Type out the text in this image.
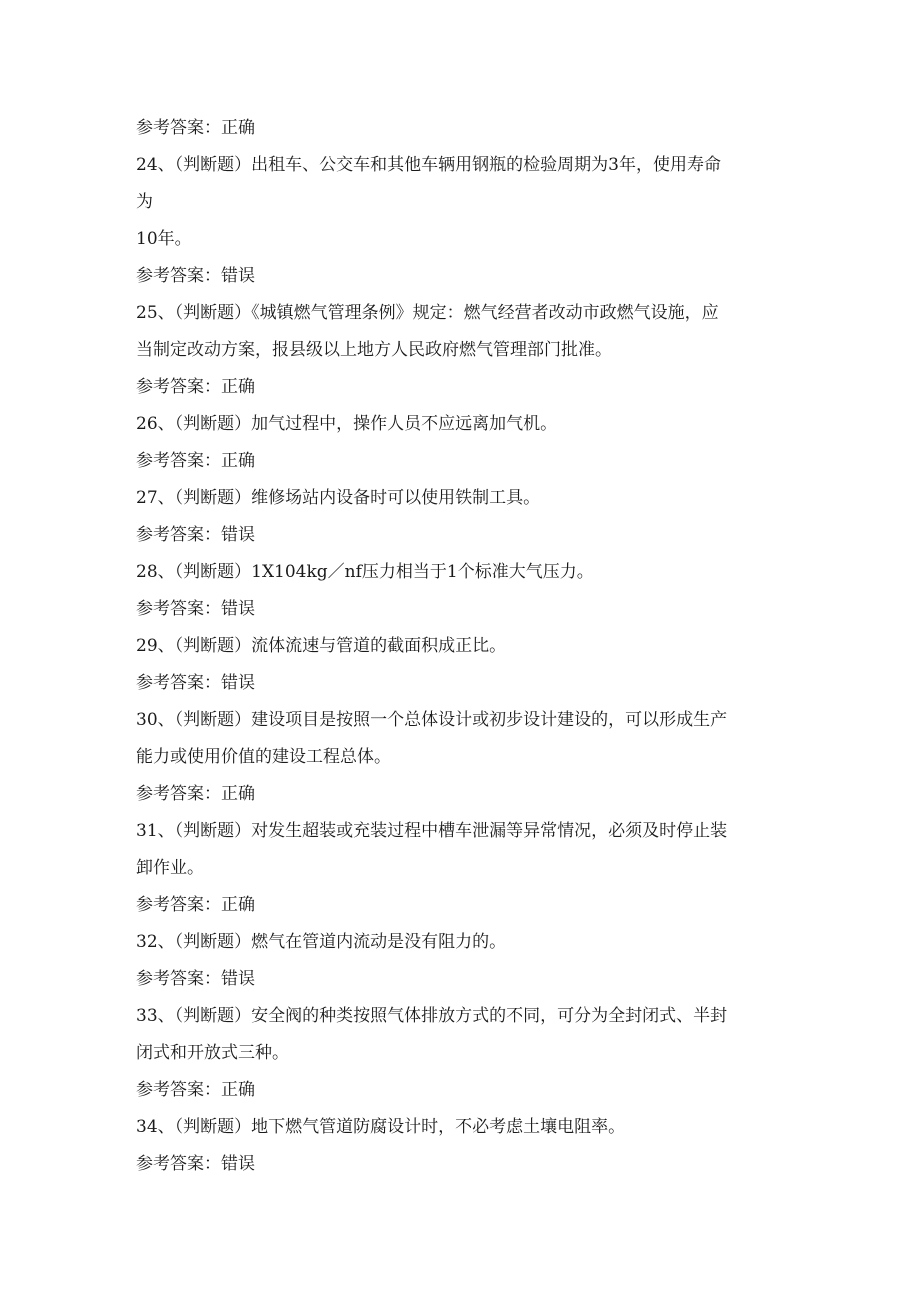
参考答案：正确
24、（判断题）出租车、公交车和其他车辆用钢瓶的检验周期为3年，使用寿命
为
10年。
参考答案：错误
25、（判断题）《城镇燃气管理条例》规定：燃气经营者改动市政燃气设施，应
当制定改动方案，报县级以上地方人民政府燃气管理部门批准。
参考答案：正确
26、（判断题）加气过程中，操作人员不应远离加气机。
参考答案：正确
27、（判断题）维修场站内设备时可以使用铁制工具。
参考答案：错误
28、（判断题）1X104kg／nf压力相当于1个标准大气压力。
参考答案：错误
29、（判断题）流体流速与管道的截面积成正比。
参考答案：错误
30、（判断题）建设项目是按照一个总体设计或初步设计建设的，可以形成生产
能力或使用价值的建设工程总体。
参考答案：正确
31、（判断题）对发生超装或充装过程中槽车泄漏等异常情况，必须及时停止装
卸作业。
参考答案：正确
32、（判断题）燃气在管道内流动是没有阻力的。
参考答案：错误
33、（判断题）安全阀的种类按照气体排放方式的不同，可分为全封闭式、半封
闭式和开放式三种。
参考答案：正确
34、（判断题）地下燃气管道防腐设计时，不必考虑土壤电阻率。
参考答案：错误
